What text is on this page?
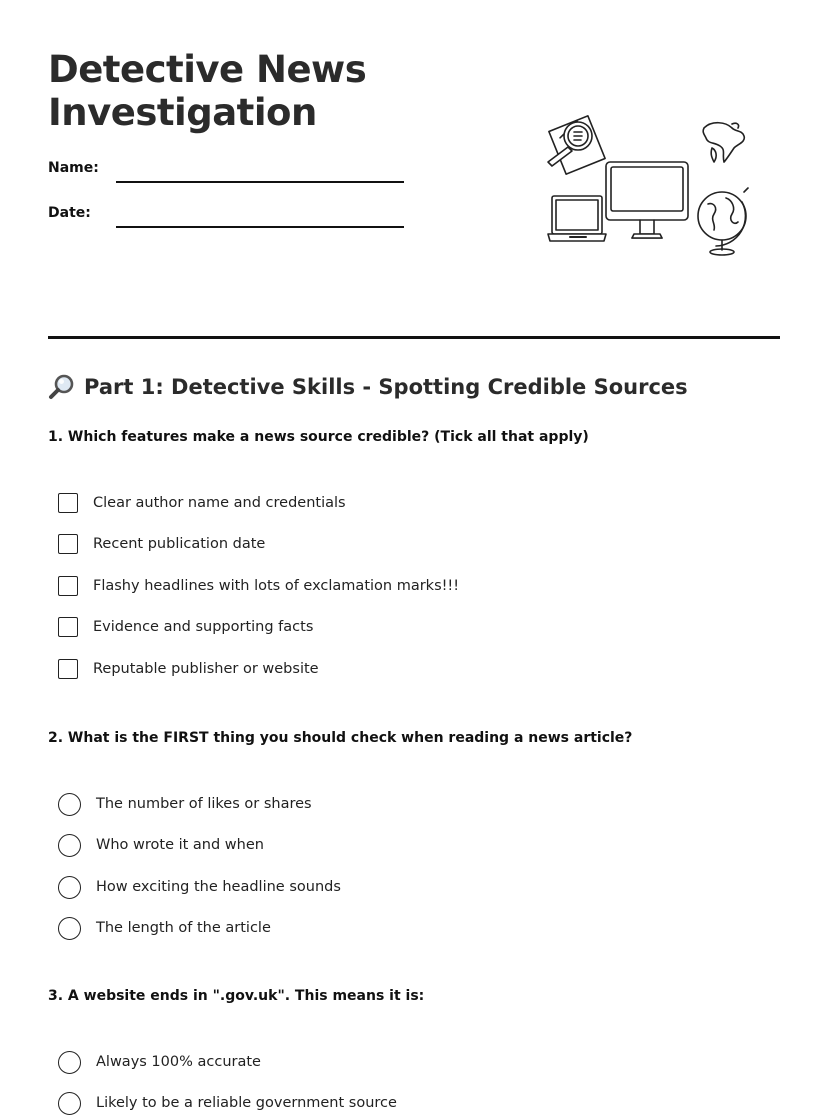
Detective News
Investigation
Name:
Date:
Part 1: Detective Skills - Spotting Credible Sources
1. Which features make a news source credible? (Tick all that apply)
Clear author name and credentials
Recent publication date
Flashy headlines with lots of exclamation marks!!!
Evidence and supporting facts
Reputable publisher or website
2. What is the FIRST thing you should check when reading a news article?
The number of likes or shares
Who wrote it and when
How exciting the headline sounds
The length of the article
3. A website ends in ".gov.uk". This means it is:
Always 100% accurate
Likely to be a reliable government source
